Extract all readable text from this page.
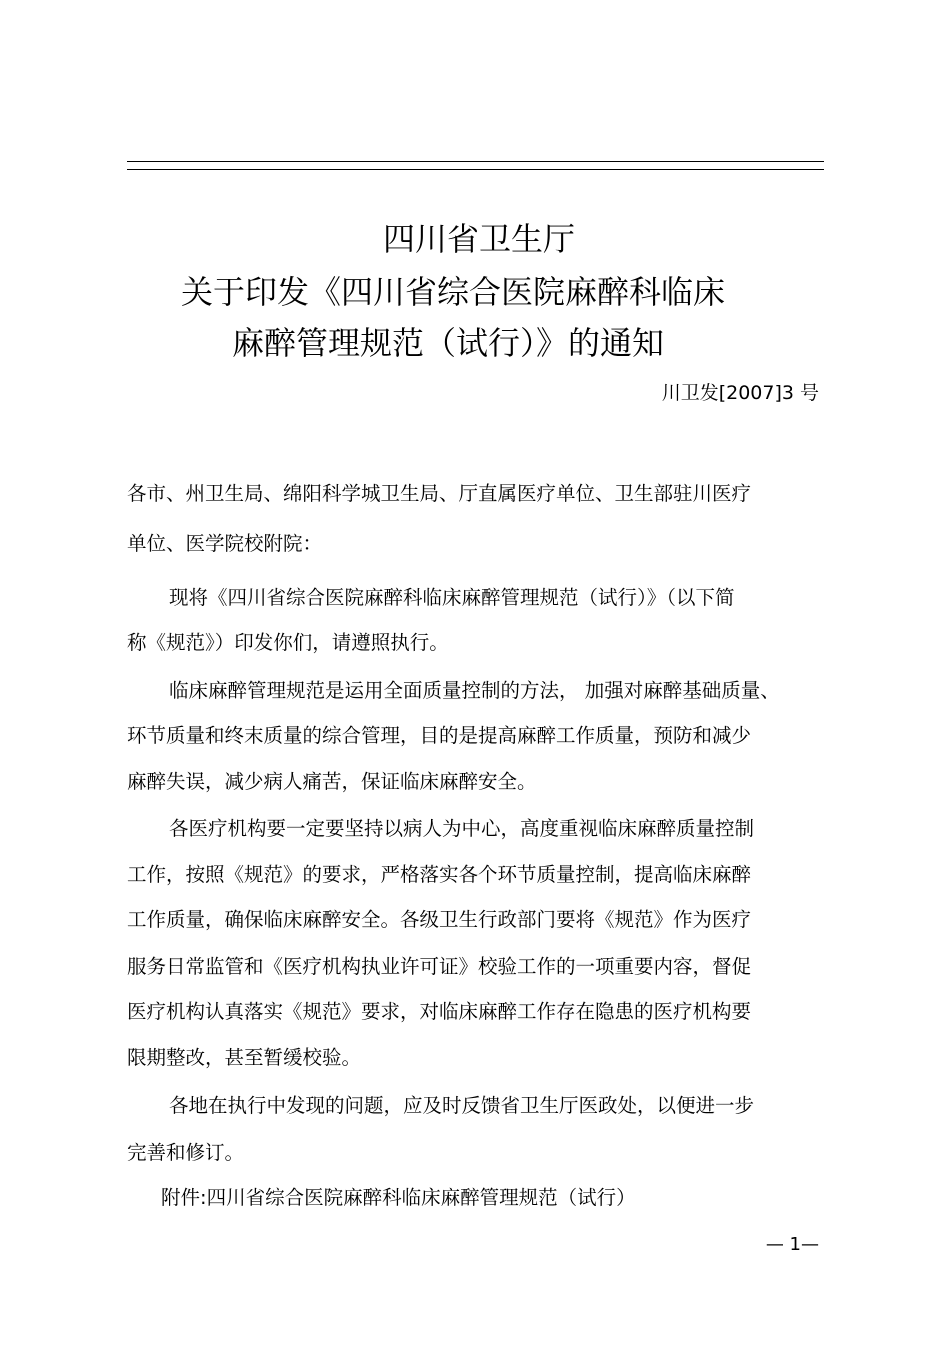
四川省卫生厅
关于印发《四川省综合医院麻醉科临床
麻醉管理规范（试行）》的通知
川卫发[2007]3 号
各市、州卫生局、绵阳科学城卫生局、厅直属医疗单位、卫生部驻川医疗
单位、医学院校附院：
现将《四川省综合医院麻醉科临床麻醉管理规范（试行）》（以下简
称《规范》）印发你们，请遵照执行。
临床麻醉管理规范是运用全面质量控制的方法， 加强对麻醉基础质量、
环节质量和终末质量的综合管理，目的是提高麻醉工作质量，预防和减少
麻醉失误，减少病人痛苦，保证临床麻醉安全。
各医疗机构要一定要坚持以病人为中心，高度重视临床麻醉质量控制
工作，按照《规范》的要求，严格落实各个环节质量控制，提高临床麻醉
工作质量，确保临床麻醉安全。各级卫生行政部门要将《规范》作为医疗
服务日常监管和《医疗机构执业许可证》校验工作的一项重要内容，督促
医疗机构认真落实《规范》要求，对临床麻醉工作存在隐患的医疗机构要
限期整改，甚至暂缓校验。
各地在执行中发现的问题，应及时反馈省卫生厅医政处，以便进一步
完善和修订。
附件:四川省综合医院麻醉科临床麻醉管理规范（试行）
— 1—
